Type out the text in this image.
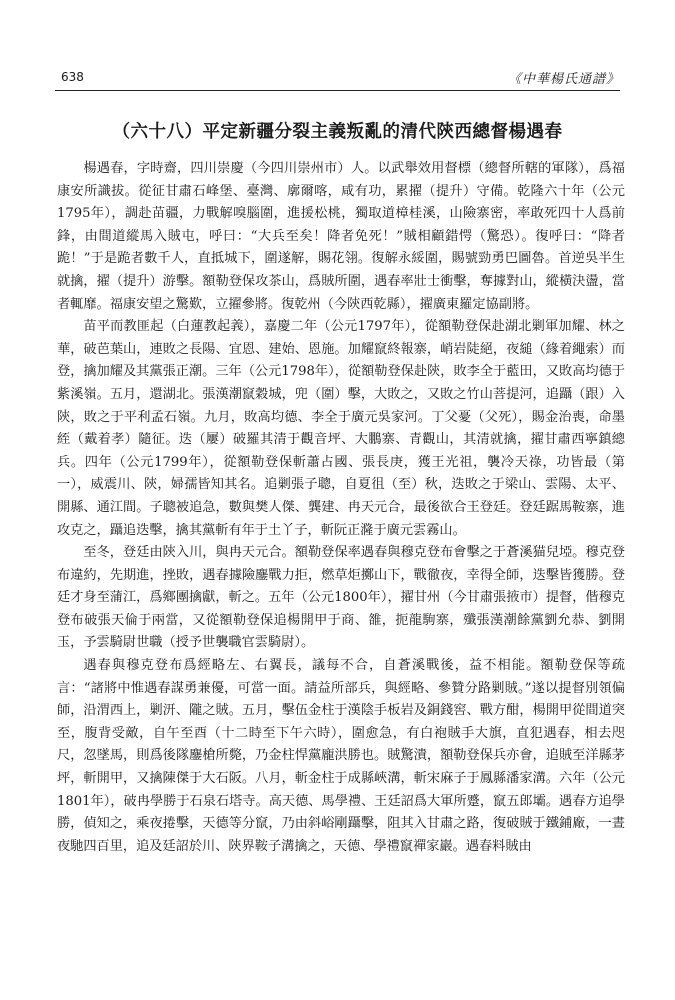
638	《中華楊氏通譜》
（六十八）平定新疆分裂主義叛亂的清代陝西總督楊遇春

楊遇春，字時齋，四川崇慶（今四川崇州市）人。以武舉效用督標（總督所轄的軍隊），爲福康安所識拔。從征甘肅石峰堡、臺灣、廓爾喀，咸有功，累擢（提升）守備。乾隆六十年（公元1795年），調赴苗疆，力戰解嗅腦圍，進援松桃，獨取道樟桂溪，山險寨密，率敢死四十人爲前鋒，由間道縱馬入賊屯，呼曰：“大兵至矣！降者免死！”賊相顧錯愕（驚恐）。復呼曰：“降者跪！”于是跪者數千人，直抵城下，圍遂解，賜花翎。復解永綏圍，賜號勁勇巴圖魯。首逆吳半生就擒，擢（提升）游擊。額勒登保攻茶山，爲賊所圍，遇春率壯士衝擊，奪據對山，縱橫決盪，當者輒靡。福康安望之驚歎，立擢參將。復乾州（今陝西乾縣），擢廣東羅定協副將。

苗平而教匪起（白蓮教起義），嘉慶二年（公元1797年），從額勒登保赴湖北剿軍加耀、林之華，破芭葉山，連敗之長陽、宜恩、建始、恩施。加耀竄終報寨，峭岩陡絕，夜縋（緣着繩索）而登，擒加耀及其黨張正潮。三年（公元1798年），從額勒登保赴陝，敗李全于藍田，又敗高均德于紫溪嶺。五月，還湖北。張漢潮竄穀城，兜（圍）擊，大敗之，又敗之竹山菩提河，追躡（跟）入陝，敗之于平利孟石嶺。九月，敗高均德、李全于廣元吳家河。丁父憂（父死），賜金治喪，命墨絰（戴着孝）隨征。迭（屢）破羅其清于觀音坪、大鵬寨、青觀山，其清就擒，擢甘肅西寧鎮總兵。四年（公元1799年），從額勒登保斬蕭占國、張長庚，獲王光祖，襲冷天祿，功皆最（第一），威震川、陝，婦孺皆知其名。追剿張子聰，自夏徂（至）秋，迭敗之于梁山、雲陽、太平、開縣、通江間。子聰被追急，數與樊人傑、龔建、冉天元合，最後欲合王登廷。登廷踞馬鞍寨，進攻克之，躡追迭擊，擒其黨斬有年于土丫子，斬阮正漋于廣元雲霧山。

至冬，登廷由陝入川，與冉天元合。額勒登保率遇春與穆克登布會擊之于蒼溪猫兒埡。穆克登布違約，先期進，挫敗，遇春據險鏖戰力拒，燃草炬擲山下，戰徹夜，幸得全師，迭擊皆獲勝。登廷才身至蒲江，爲鄉團擒獻，斬之。五年（公元1800年），擢甘州（今甘肅張掖市）提督，偕穆克登布破張天倫于兩當，又從額勒登保追楊開甲于商、雒，扼龍駒寨，殲張漢潮餘黨劉允恭、劉開玉，予雲騎尉世職（授予世襲職官雲騎尉）。

遇春與穆克登布爲經略左、右翼長，議每不合，自蒼溪戰後，益不相能。額勒登保等疏言：“諸將中惟遇春謀勇兼優，可當一面。請益所部兵，與經略、參贊分路剿賊。”遂以提督別領偏師，沿渭西上，剿汧、隴之賊。五月，擊伍金柱于漢陰手板岩及銅錢窖、戰方酣，楊開甲從間道突至，腹背受敵，自午至酉（十二時至下午六時），圍愈急，有白袍賊手大旗，直犯遇春，相去咫尺，忽墜馬，則爲後隊鏖槍所斃，乃金柱悍黨龐洪勝也。賊驚潰，額勒登保兵亦會，追賊至洋縣茅坪，斬開甲，又擒陳傑于大石阪。八月，斬金柱于成縣峽溝，斬宋麻子于鳳縣潘家溝。六年（公元1801年），破冉學勝于石泉石塔寺。高天德、馬學禮、王廷詔爲大軍所蹙，竄五郎壩。遇春方追學勝，偵知之，乘夜捲擊，天德等分竄，乃由斜峪剛躡擊，阻其入甘肅之路，復破賊于鐵鋪廠，一晝夜馳四百里，追及廷詔於川、陝界鞍子溝擒之，天德、學禮竄禪家巖。遇春料賊由
